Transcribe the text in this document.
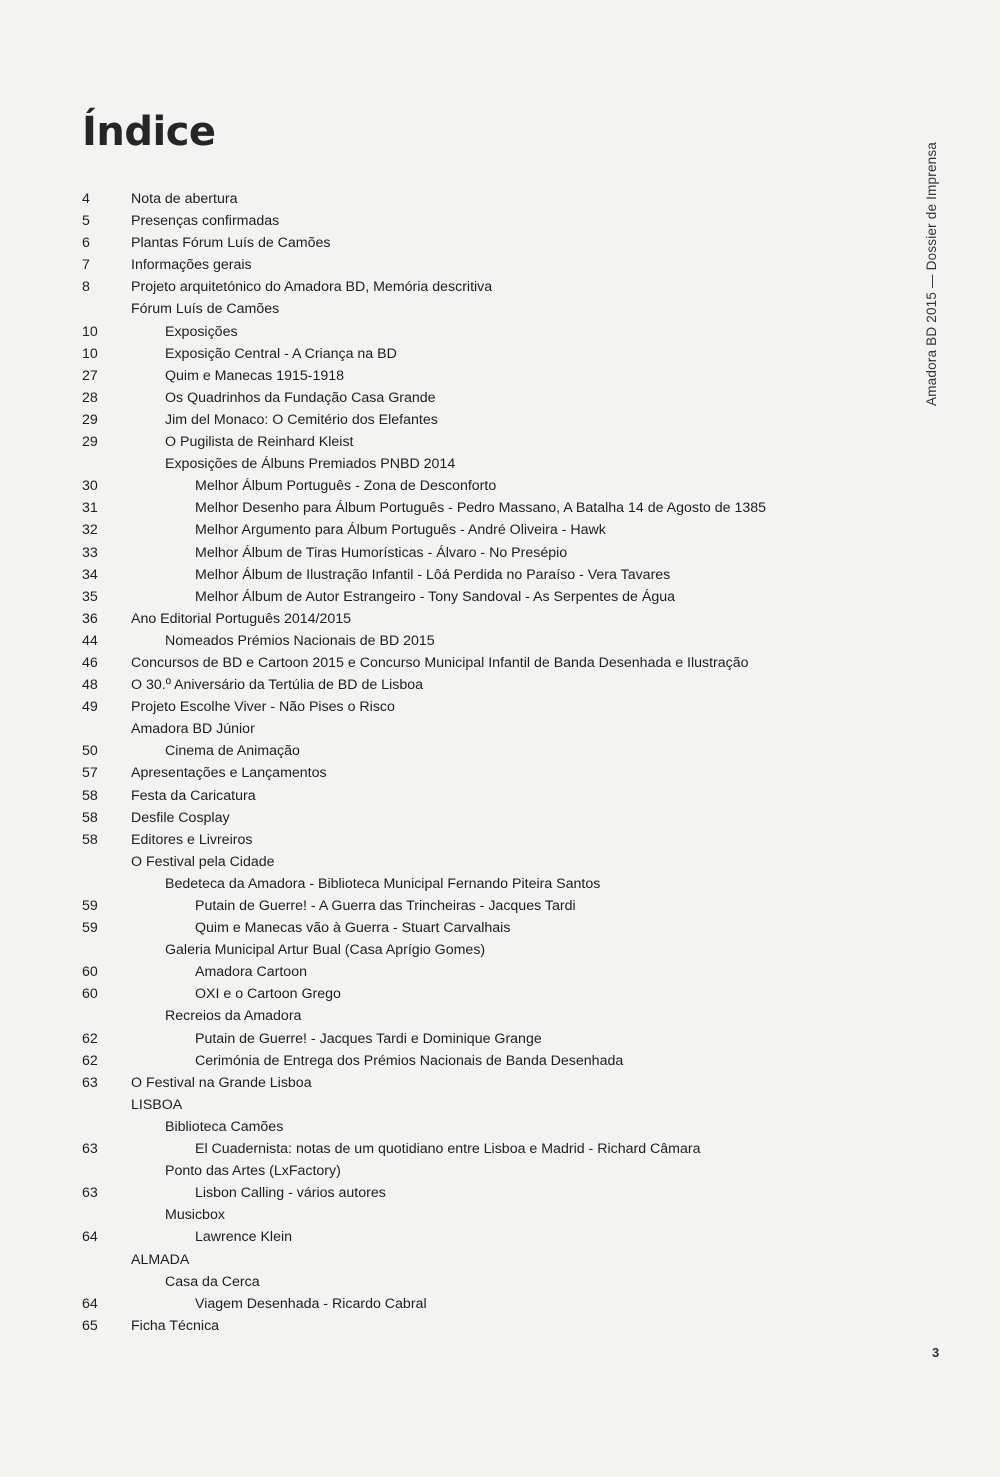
Índice
4	Nota de abertura
5	Presenças confirmadas
6	Plantas Fórum Luís de Camões
7	Informações gerais
8	Projeto arquitetónico do Amadora BD, Memória descritiva
Fórum Luís de Camões
10	Exposições
10	Exposição Central - A Criança na BD
27	Quim e Manecas 1915-1918
28	Os Quadrinhos da Fundação Casa Grande
29	Jim del Monaco: O Cemitério dos Elefantes
29	O Pugilista de Reinhard Kleist
Exposições de Álbuns Premiados PNBD 2014
30	Melhor Álbum Português - Zona de Desconforto
31	Melhor Desenho para Álbum Português - Pedro Massano, A Batalha 14 de Agosto de 1385
32	Melhor Argumento para Álbum Português - André Oliveira - Hawk
33	Melhor Álbum de Tiras Humorísticas - Álvaro - No Presépio
34	Melhor Álbum de Ilustração Infantil - Lôá Perdida no Paraíso - Vera Tavares
35	Melhor Álbum de Autor Estrangeiro - Tony Sandoval - As Serpentes de Água
36	Ano Editorial Português 2014/2015
44	Nomeados Prémios Nacionais de BD 2015
46	Concursos de BD e Cartoon 2015 e Concurso Municipal Infantil de Banda Desenhada e Ilustração
48	O 30.º Aniversário da Tertúlia de BD de Lisboa
49	Projeto Escolhe Viver - Não Pises o Risco
Amadora BD Júnior
50	Cinema de Animação
57	Apresentações e Lançamentos
58	Festa da Caricatura
58	Desfile Cosplay
58	Editores e Livreiros
O Festival pela Cidade
Bedeteca da Amadora - Biblioteca Municipal Fernando Piteira Santos
59	Putain de Guerre! - A Guerra das Trincheiras - Jacques Tardi
59	Quim e Manecas vão à Guerra - Stuart Carvalhais
Galeria Municipal Artur Bual (Casa Aprígio Gomes)
60	Amadora Cartoon
60	OXI e o Cartoon Grego
Recreios da Amadora
62	Putain de Guerre! - Jacques Tardi e Dominique Grange
62	Cerimónia de Entrega dos Prémios Nacionais de Banda Desenhada
63	O Festival na Grande Lisboa
LISBOA
Biblioteca Camões
63	El Cuadernista: notas de um quotidiano entre Lisboa e Madrid - Richard Câmara
Ponto das Artes (LxFactory)
63	Lisbon Calling - vários autores
Musicbox
64	Lawrence Klein
ALMADA
Casa da Cerca
64	Viagem Desenhada - Ricardo Cabral
65	Ficha Técnica
Amadora BD 2015 — Dossier de Imprensa
3
